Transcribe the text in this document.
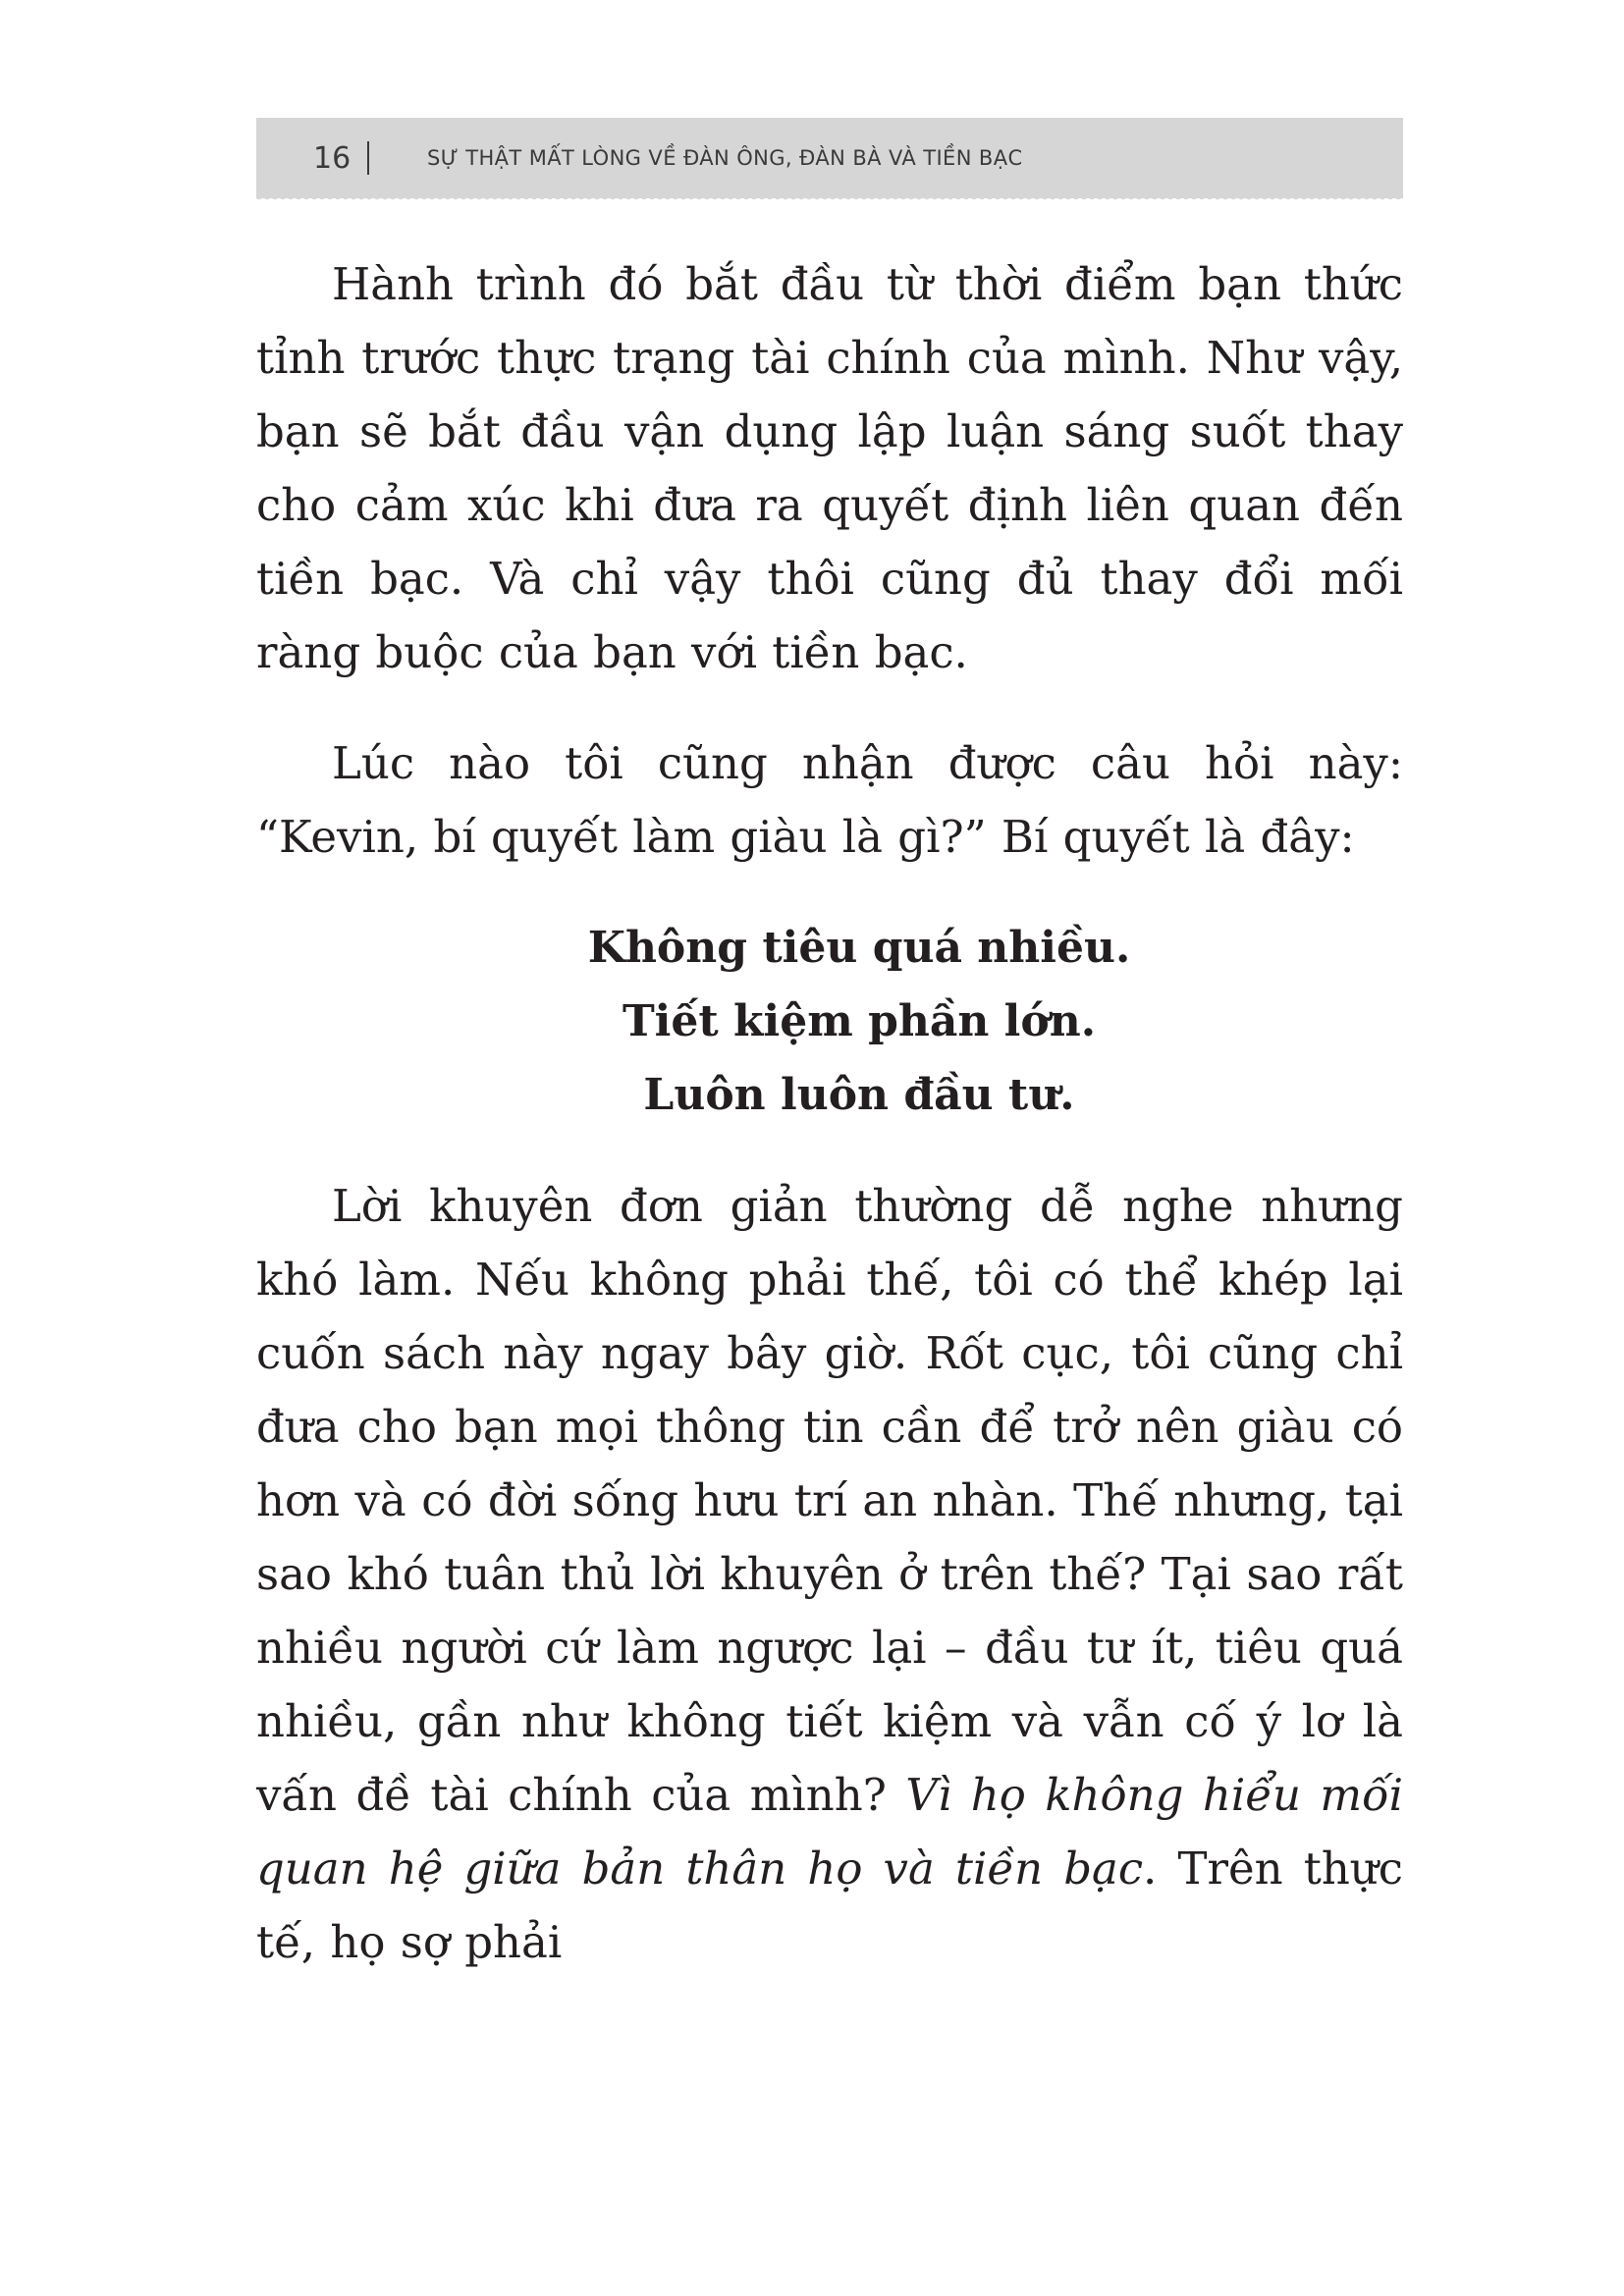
16	SỰ THẬT MẤT LÒNG VỀ ĐÀN ÔNG, ĐÀN BÀ VÀ TIỀN BẠC

Hành trình đó bắt đầu từ thời điểm bạn thức tỉnh trước thực trạng tài chính của mình. Như vậy, bạn sẽ bắt đầu vận dụng lập luận sáng suốt thay cho cảm xúc khi đưa ra quyết định liên quan đến tiền bạc. Và chỉ vậy thôi cũng đủ thay đổi mối ràng buộc của bạn với tiền bạc.

Lúc nào tôi cũng nhận được câu hỏi này: “Kevin, bí quyết làm giàu là gì?” Bí quyết là đây:

Không tiêu quá nhiều.
Tiết kiệm phần lớn.
Luôn luôn đầu tư.

Lời khuyên đơn giản thường dễ nghe nhưng khó làm. Nếu không phải thế, tôi có thể khép lại cuốn sách này ngay bây giờ. Rốt cục, tôi cũng chỉ đưa cho bạn mọi thông tin cần để trở nên giàu có hơn và có đời sống hưu trí an nhàn. Thế nhưng, tại sao khó tuân thủ lời khuyên ở trên thế? Tại sao rất nhiều người cứ làm ngược lại – đầu tư ít, tiêu quá nhiều, gần như không tiết kiệm và vẫn cố ý lơ là vấn đề tài chính của mình? Vì họ không hiểu mối quan hệ giữa bản thân họ và tiền bạc. Trên thực tế, họ sợ phải
